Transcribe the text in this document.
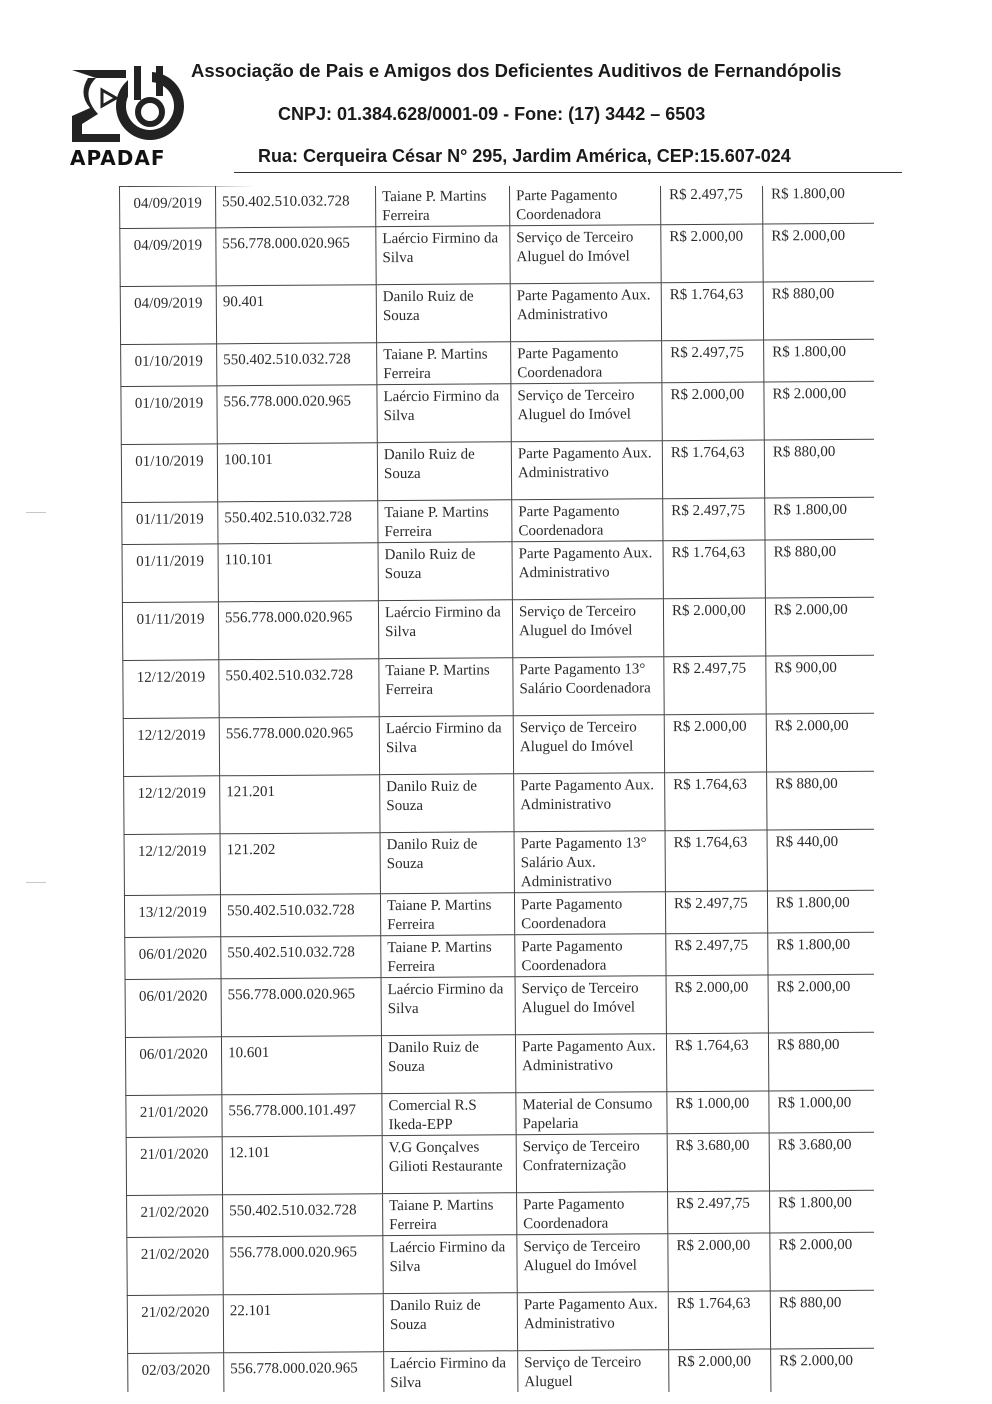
APADAF
Associação de Pais e Amigos dos Deficientes Auditivos de Fernandópolis
CNPJ: 01.384.628/0001-09 - Fone: (17) 3442 – 6503
Rua: Cerqueira César N° 295, Jardim América, CEP:15.607-024
04/09/2019	550.402.510.032.728	Taiane P. Martins Ferreira	Parte Pagamento Coordenadora	R$ 2.497,75	R$ 1.800,00
04/09/2019	556.778.000.020.965	Laércio Firmino da Silva	Serviço de Terceiro Aluguel do Imóvel	R$ 2.000,00	R$ 2.000,00
04/09/2019	90.401	Danilo Ruiz de Souza	Parte Pagamento Aux. Administrativo	R$ 1.764,63	R$ 880,00
01/10/2019	550.402.510.032.728	Taiane P. Martins Ferreira	Parte Pagamento Coordenadora	R$ 2.497,75	R$ 1.800,00
01/10/2019	556.778.000.020.965	Laércio Firmino da Silva	Serviço de Terceiro Aluguel do Imóvel	R$ 2.000,00	R$ 2.000,00
01/10/2019	100.101	Danilo Ruiz de Souza	Parte Pagamento Aux. Administrativo	R$ 1.764,63	R$ 880,00
01/11/2019	550.402.510.032.728	Taiane P. Martins Ferreira	Parte Pagamento Coordenadora	R$ 2.497,75	R$ 1.800,00
01/11/2019	110.101	Danilo Ruiz de Souza	Parte Pagamento Aux. Administrativo	R$ 1.764,63	R$ 880,00
01/11/2019	556.778.000.020.965	Laércio Firmino da Silva	Serviço de Terceiro Aluguel do Imóvel	R$ 2.000,00	R$ 2.000,00
12/12/2019	550.402.510.032.728	Taiane P. Martins Ferreira	Parte Pagamento 13° Salário Coordenadora	R$ 2.497,75	R$ 900,00
12/12/2019	556.778.000.020.965	Laércio Firmino da Silva	Serviço de Terceiro Aluguel do Imóvel	R$ 2.000,00	R$ 2.000,00
12/12/2019	121.201	Danilo Ruiz de Souza	Parte Pagamento Aux. Administrativo	R$ 1.764,63	R$ 880,00
12/12/2019	121.202	Danilo Ruiz de Souza	Parte Pagamento 13° Salário Aux. Administrativo	R$ 1.764,63	R$ 440,00
13/12/2019	550.402.510.032.728	Taiane P. Martins Ferreira	Parte Pagamento Coordenadora	R$ 2.497,75	R$ 1.800,00
06/01/2020	550.402.510.032.728	Taiane P. Martins Ferreira	Parte Pagamento Coordenadora	R$ 2.497,75	R$ 1.800,00
06/01/2020	556.778.000.020.965	Laércio Firmino da Silva	Serviço de Terceiro Aluguel do Imóvel	R$ 2.000,00	R$ 2.000,00
06/01/2020	10.601	Danilo Ruiz de Souza	Parte Pagamento Aux. Administrativo	R$ 1.764,63	R$ 880,00
21/01/2020	556.778.000.101.497	Comercial R.S Ikeda-EPP	Material de Consumo Papelaria	R$ 1.000,00	R$ 1.000,00
21/01/2020	12.101	V.G Gonçalves Gilioti Restaurante	Serviço de Terceiro Confraternização	R$ 3.680,00	R$ 3.680,00
21/02/2020	550.402.510.032.728	Taiane P. Martins Ferreira	Parte Pagamento Coordenadora	R$ 2.497,75	R$ 1.800,00
21/02/2020	556.778.000.020.965	Laércio Firmino da Silva	Serviço de Terceiro Aluguel do Imóvel	R$ 2.000,00	R$ 2.000,00
21/02/2020	22.101	Danilo Ruiz de Souza	Parte Pagamento Aux. Administrativo	R$ 1.764,63	R$ 880,00
02/03/2020	556.778.000.020.965	Laércio Firmino da Silva	Serviço de Terceiro Aluguel	R$ 2.000,00	R$ 2.000,00
